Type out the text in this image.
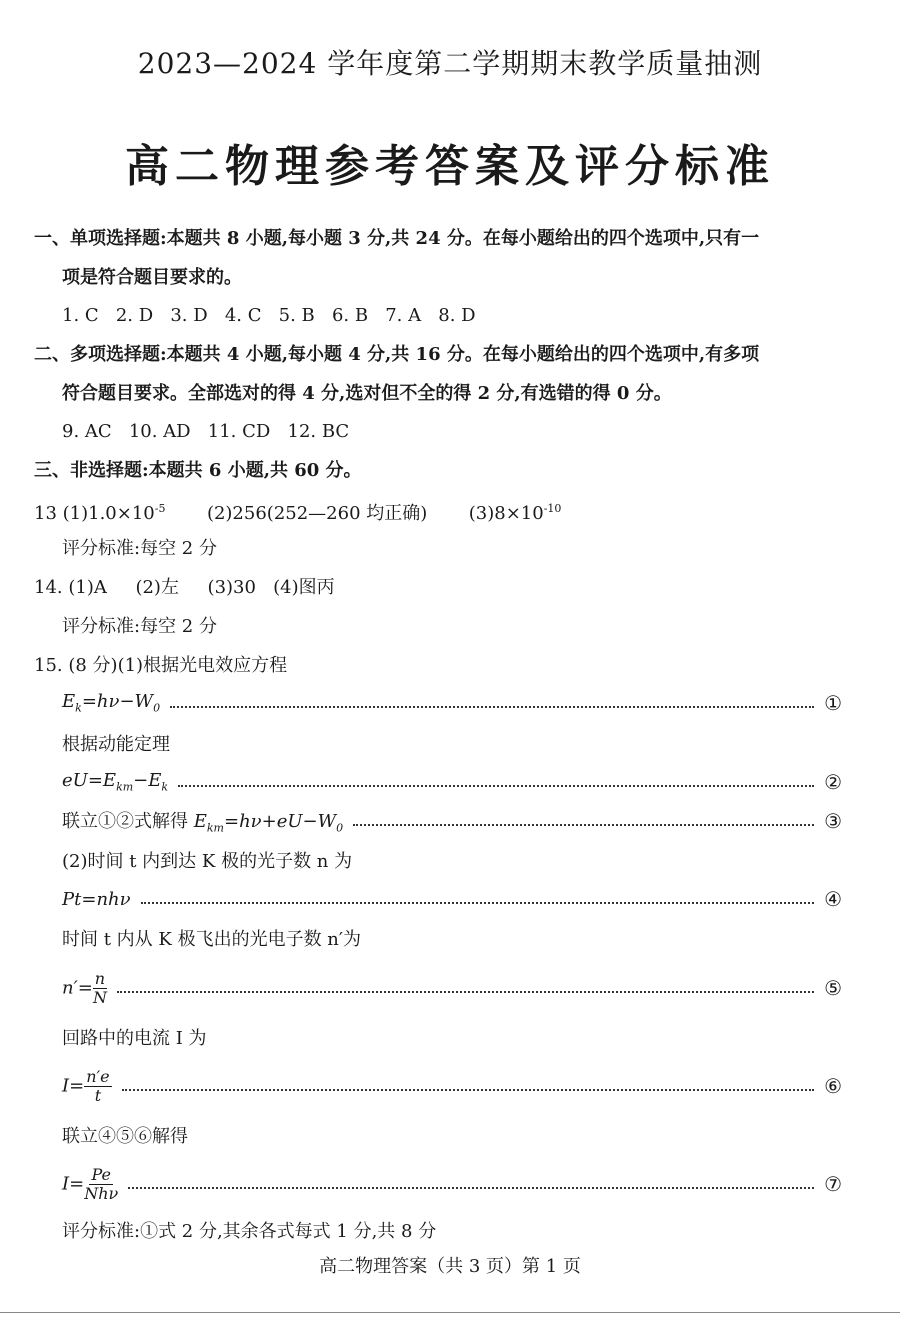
2023—2024 学年度第二学期期末教学质量抽测
高二物理参考答案及评分标准
一、单项选择题:本题共 8 小题,每小题 3 分,共 24 分。在每小题给出的四个选项中,只有一
项是符合题目要求的。
1. C   2. D   3. D   4. C   5. B   6. B   7. A   8. D
二、多项选择题:本题共 4 小题,每小题 4 分,共 16 分。在每小题给出的四个选项中,有多项
符合题目要求。全部选对的得 4 分,选对但不全的得 2 分,有选错的得 0 分。
9. AC   10. AD   11. CD   12. BC
三、非选择题:本题共 6 小题,共 60 分。
13 $(1)1.0\times 10^{-5}$ (2)256(252—260 均正确) $(3)8\times 10^{-10}$
评分标准:每空 2 分
14. (1)A     (2)左     (3)30   (4)图丙
评分标准:每空 2 分
15. (8 分)(1)根据光电效应方程
$E_k=h\nu-W_0$	①
根据动能定理
$eU=E_{km}-E_k$	②
联立①②式解得 $E_{km}=h\nu+eU-W_0$	③
(2)时间 t 内到达 K 极的光子数 n 为
Pt=nhν	④
时间 t 内从 K 极飞出的光电子数 n′为
$n'= \frac{n}{N}$	⑤
回路中的电流 I 为
$I= \frac{n'e}{t}$	⑥
联立④⑤⑥解得
$I= \frac{Pe}{\text{Nhν}}$	⑦
评分标准:①式 2 分,其余各式每式 1 分,共 8 分
高二物理答案（共 3 页）第 1 页
